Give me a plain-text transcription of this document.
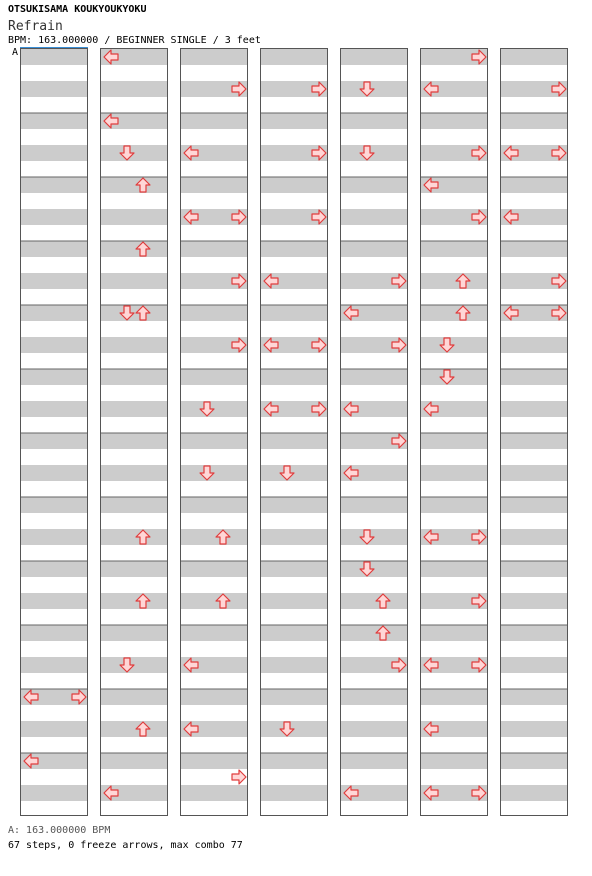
OTSUKISAMA KOUKYOUKYOKU
Refrain
BPM: 163.000000 / BEGINNER SINGLE / 3 feet
A
A: 163.000000 BPM
67 steps, 0 freeze arrows, max combo 77
